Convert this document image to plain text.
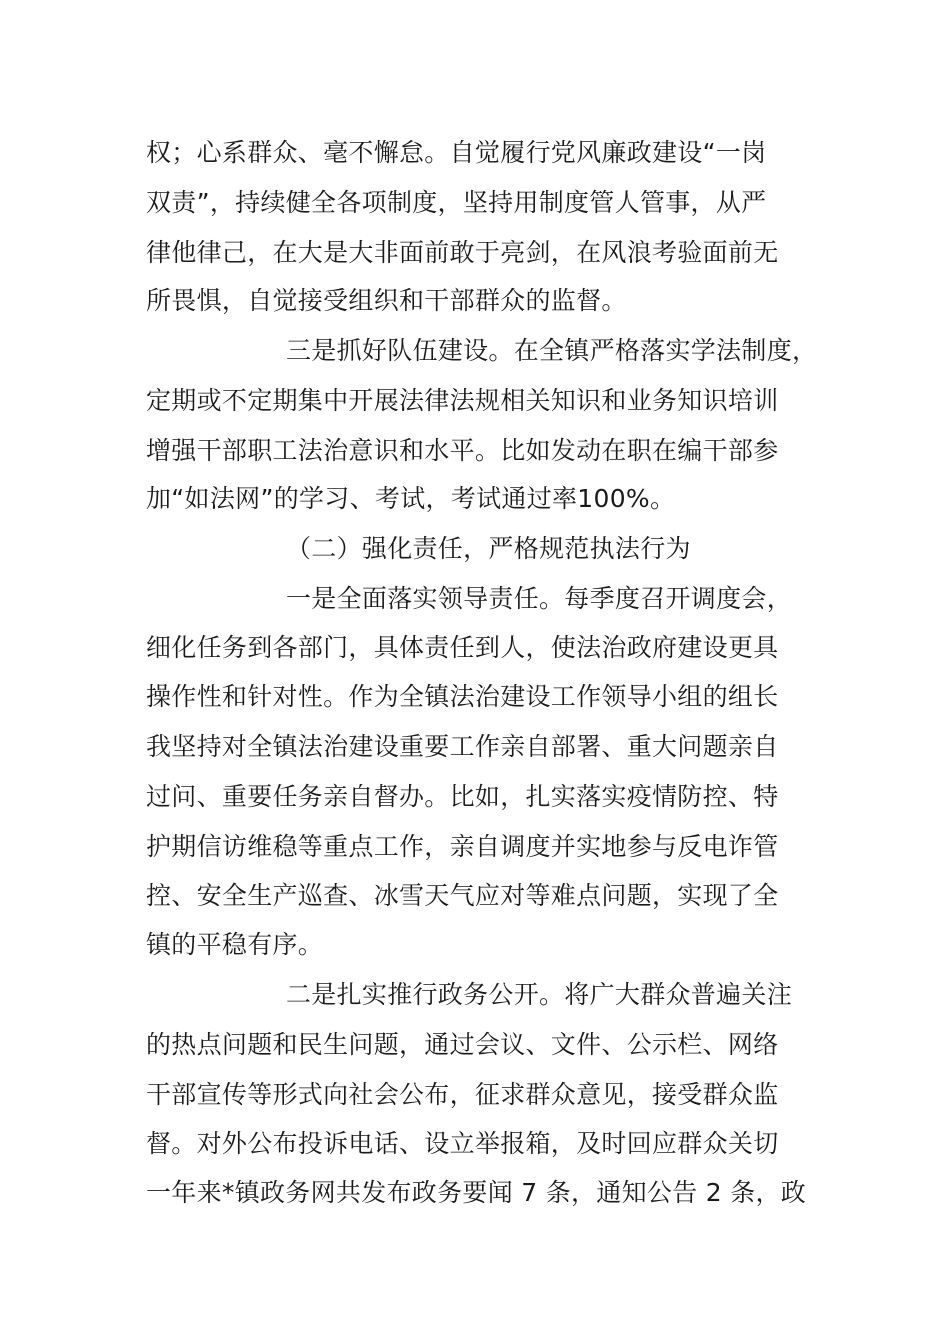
权；心系群众、毫不懈怠。自觉履行党风廉政建设“一岗
双责”，持续健全各项制度，坚持用制度管人管事，从严
律他律己，在大是大非面前敢于亮剑，在风浪考验面前无
所畏惧，自觉接受组织和干部群众的监督。
三是抓好队伍建设。在全镇严格落实学法制度，
定期或不定期集中开展法律法规相关知识和业务知识培训
增强干部职工法治意识和水平。比如发动在职在编干部参
加“如法网”的学习、考试，考试通过率100%。
（二）强化责任，严格规范执法行为
一是全面落实领导责任。每季度召开调度会，
细化任务到各部门，具体责任到人，使法治政府建设更具
操作性和针对性。作为全镇法治建设工作领导小组的组长
我坚持对全镇法治建设重要工作亲自部署、重大问题亲自
过问、重要任务亲自督办。比如，扎实落实疫情防控、特
护期信访维稳等重点工作，亲自调度并实地参与反电诈管
控、安全生产巡查、冰雪天气应对等难点问题，实现了全
镇的平稳有序。
二是扎实推行政务公开。将广大群众普遍关注
的热点问题和民生问题，通过会议、文件、公示栏、网络
干部宣传等形式向社会公布，征求群众意见，接受群众监
督。对外公布投诉电话、设立举报箱，及时回应群众关切
一年来*镇政务网共发布政务要闻 7 条，通知公告 2 条，政
